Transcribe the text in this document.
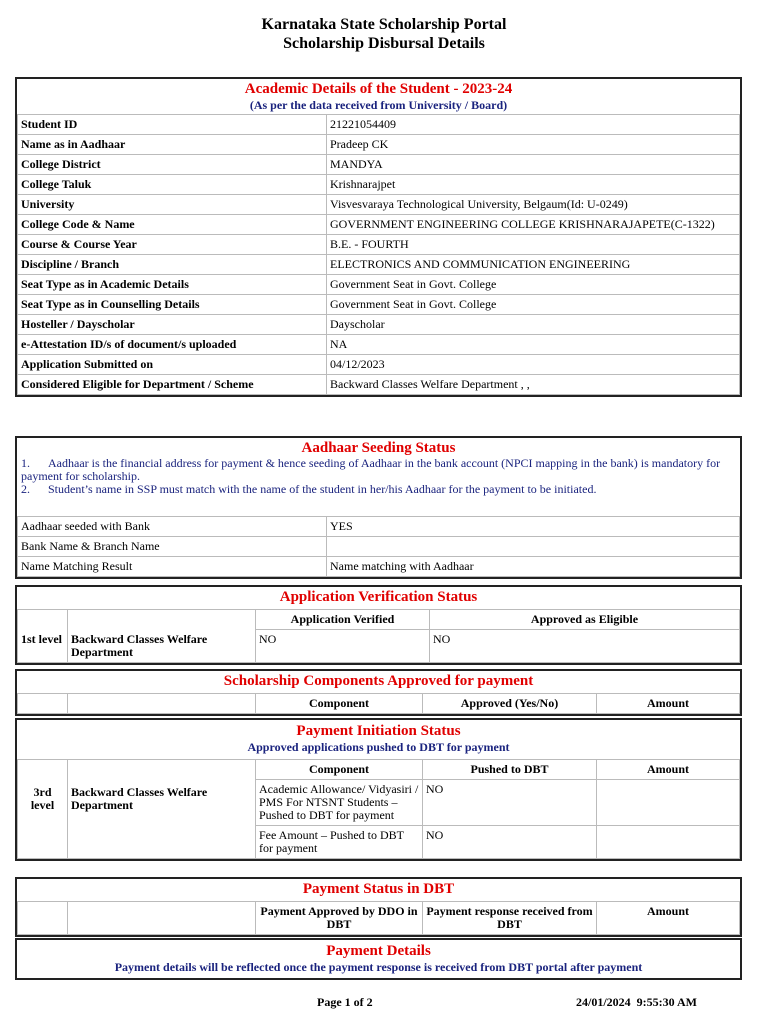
Karnataka State Scholarship Portal
Scholarship Disbursal Details
Academic Details of the Student - 2023-24
(As per the data received from University / Board)
Student ID	21221054409
Name as in Aadhaar	Pradeep CK
College District	MANDYA
College Taluk	Krishnarajpet
University	Visvesvaraya Technological University, Belgaum(Id: U-0249)
College Code & Name	GOVERNMENT ENGINEERING COLLEGE KRISHNARAJAPETE(C-1322)
Course & Course Year	B.E. - FOURTH
Discipline / Branch	ELECTRONICS AND COMMUNICATION ENGINEERING
Seat Type as in Academic Details	Government Seat in Govt. College
Seat Type as in Counselling Details	Government Seat in Govt. College
Hosteller / Dayscholar	Dayscholar
e-Attestation ID/s of document/s uploaded	NA
Application Submitted on	04/12/2023
Considered Eligible for Department / Scheme	Backward Classes Welfare Department , ,
Aadhaar Seeding Status
1. Aadhaar is the financial address for payment & hence seeding of Aadhaar in the bank account (NPCI mapping in the bank) is mandatory for payment for scholarship.
2. Student’s name in SSP must match with the name of the student in her/his Aadhaar for the payment to be initiated.
Aadhaar seeded with Bank	YES
Bank Name & Branch Name	
Name Matching Result	Name matching with Aadhaar
Application Verification Status
		Application Verified	Approved as Eligible
1st level	Backward Classes Welfare Department	NO	NO
Scholarship Components Approved for payment
		Component	Approved (Yes/No)	Amount
Payment Initiation Status
Approved applications pushed to DBT for payment
		Component	Pushed to DBT	Amount
3rd level	Backward Classes Welfare Department	Academic Allowance/ Vidyasiri / PMS For NTSNT Students – Pushed to DBT for payment	NO	
		Fee Amount – Pushed to DBT for payment	NO	
Payment Status in DBT
		Payment Approved by DDO in DBT	Payment response received from DBT	Amount
Payment Details
Payment details will be reflected once the payment response is received from DBT portal after payment
Page 1 of 2	24/01/2024  9:55:30 AM
